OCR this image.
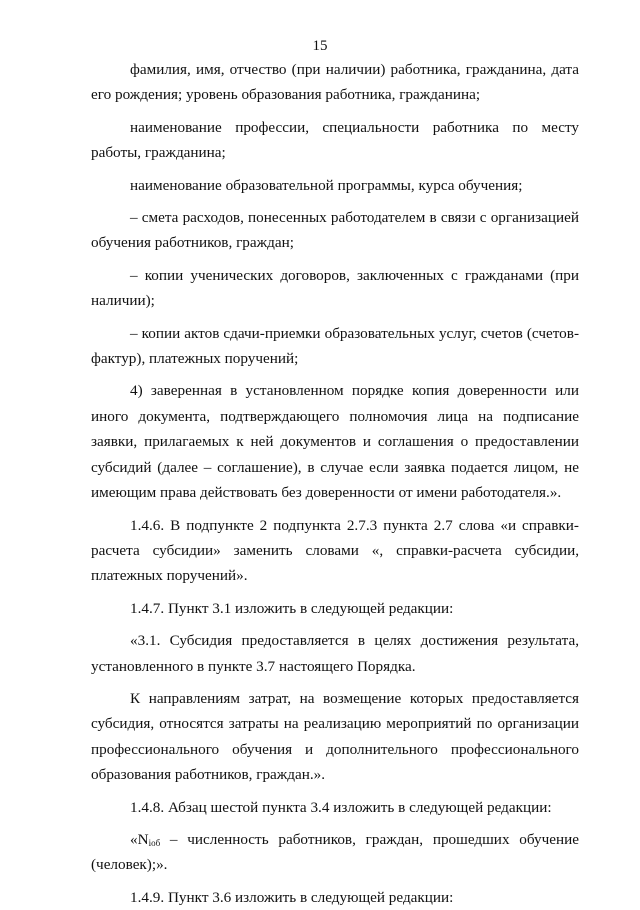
15

фамилия, имя, отчество (при наличии) работника, гражданина, дата его рождения; уровень образования работника, гражданина;

наименование профессии, специальности работника по месту работы, гражданина;

наименование образовательной программы, курса обучения;

– смета расходов, понесенных работодателем в связи с организацией обучения работников, граждан;

– копии ученических договоров, заключенных с гражданами (при наличии);

– копии актов сдачи-приемки образовательных услуг, счетов (счетов-фактур), платежных поручений;

4) заверенная в установленном порядке копия доверенности или иного документа, подтверждающего полномочия лица на подписание заявки, прилагаемых к ней документов и соглашения о предоставлении субсидий (далее – соглашение), в случае если заявка подается лицом, не имеющим права действовать без доверенности от имени работодателя.».

1.4.6. В подпункте 2 подпункта 2.7.3 пункта 2.7 слова «и справки-расчета субсидии» заменить словами «, справки-расчета субсидии, платежных поручений».

1.4.7. Пункт 3.1 изложить в следующей редакции:

«3.1. Субсидия предоставляется в целях достижения результата, установленного в пункте 3.7 настоящего Порядка.

К направлениям затрат, на возмещение которых предоставляется субсидия, относятся затраты на реализацию мероприятий по организации профессионального обучения и дополнительного профессионального образования работников, граждан.».

1.4.8. Абзац шестой пункта 3.4 изложить в следующей редакции:

«$N_{iоб}$ – численность работников, граждан, прошедших обучение (человек);».

1.4.9. Пункт 3.6 изложить в следующей редакции:
